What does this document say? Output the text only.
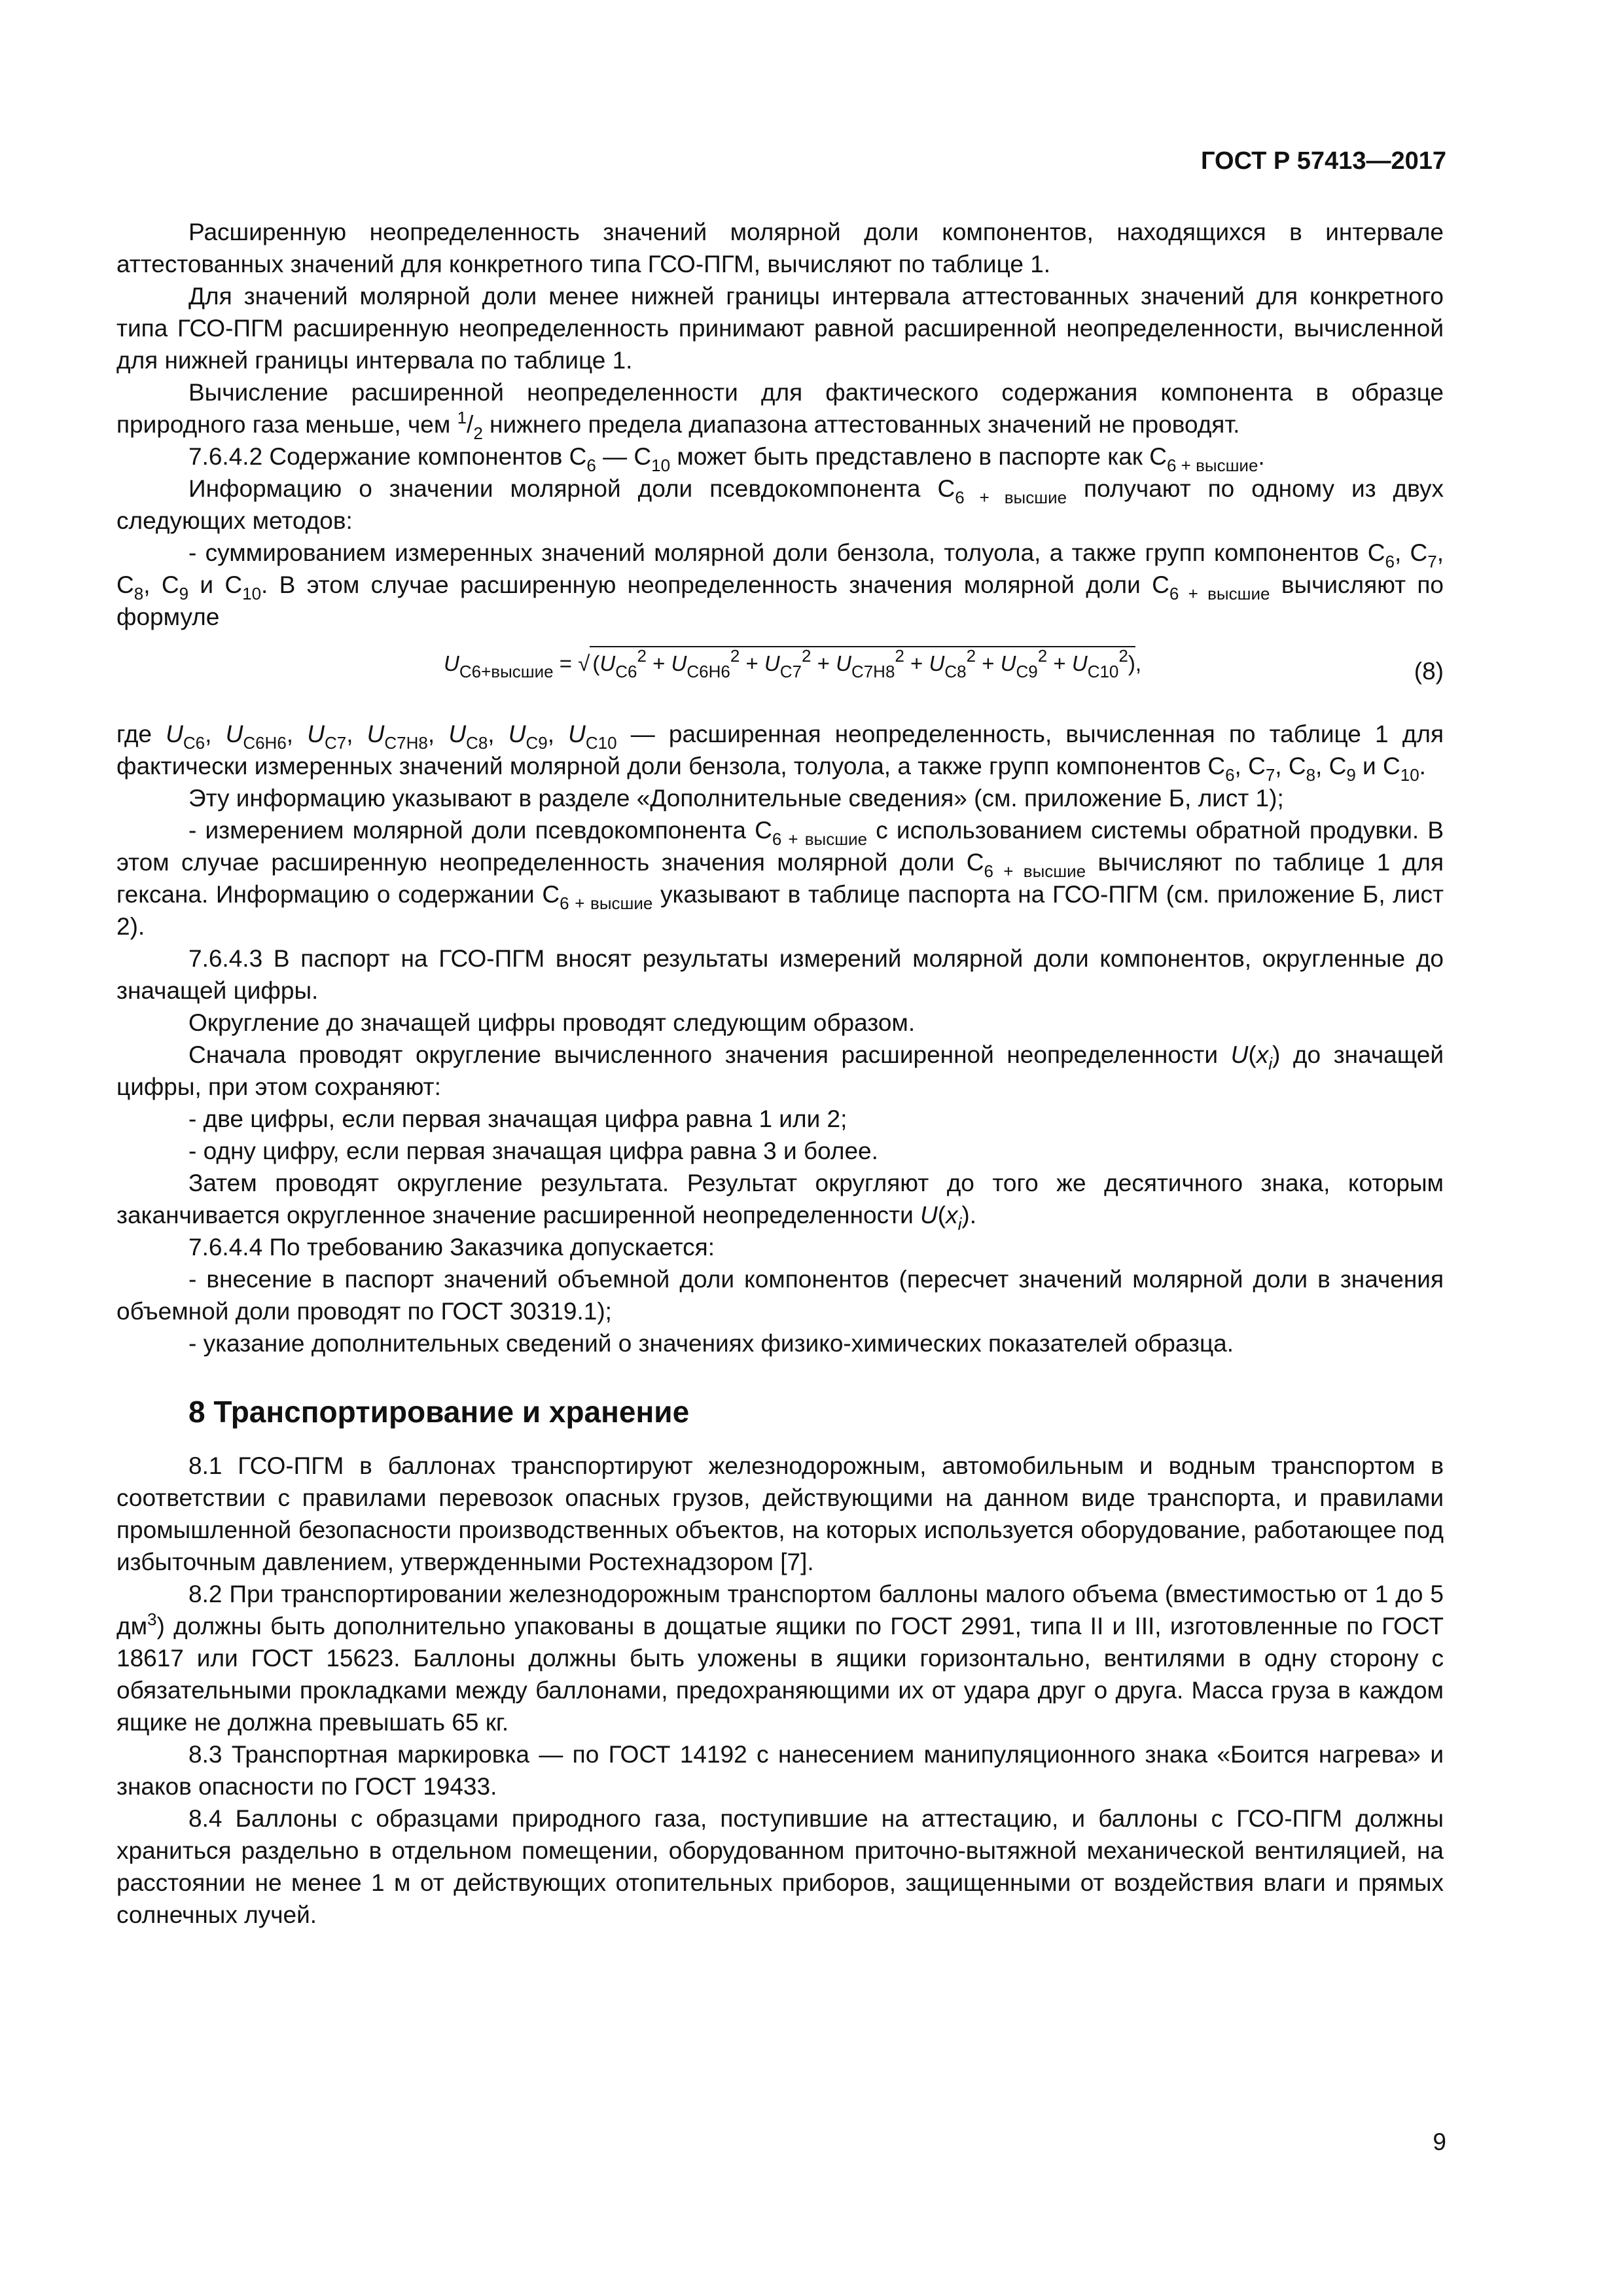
ГОСТ Р 57413—2017

Расширенную неопределенность значений молярной доли компонентов, находящихся в интервале аттестованных значений для конкретного типа ГСО-ПГМ, вычисляют по таблице 1.

Для значений молярной доли менее нижней границы интервала аттестованных значений для конкретного типа ГСО-ПГМ расширенную неопределенность принимают равной расширенной неопределенности, вычисленной для нижней границы интервала по таблице 1.

Вычисление расширенной неопределенности для фактического содержания компонента в образце природного газа меньше, чем $^1/_2$ нижнего предела диапазона аттестованных значений не проводят.

7.6.4.2 Содержание компонентов $С_6$ — $С_{10}$ может быть представлено в паспорте как $С_{6 + высшие}$.

Информацию о значении молярной доли псевдокомпонента $С_{6 + высшие}$ получают по одному из двух следующих методов:

- суммированием измеренных значений молярной доли бензола, толуола, а также групп компонентов $С_6$, $С_7$, $С_8$, $С_9$ и $С_{10}$. В этом случае расширенную неопределенность значения молярной доли $С_{6 + высшие}$ вычисляют по формуле

$U_{C6+высшие}$ = √ $(U_{C6}^2 + U_{C6H6}^2 + U_{C7}^2 + U_{C7H8}^2 + U_{C8}^2 + U_{C9}^2 + U_{C10}^2)$,	(8)

где $U_{C6}$, $U_{C6H6}$, $U_{C7}$, $U_{C7H8}$, $U_{C8}$, $U_{C9}$, $U_{C10}$ — расширенная неопределенность, вычисленная по таблице 1 для фактически измеренных значений молярной доли бензола, толуола, а также групп компонентов $С_6$, $С_7$, $С_8$, $С_9$ и $С_{10}$.

Эту информацию указывают в разделе «Дополнительные сведения» (см. приложение Б, лист 1);

- измерением молярной доли псевдокомпонента $С_{6 + высшие}$ с использованием системы обратной продувки. В этом случае расширенную неопределенность значения молярной доли $С_{6 + высшие}$ вычисляют по таблице 1 для гексана. Информацию о содержании $С_{6 + высшие}$ указывают в таблице паспорта на ГСО-ПГМ (см. приложение Б, лист 2).

7.6.4.3 В паспорт на ГСО-ПГМ вносят результаты измерений молярной доли компонентов, округленные до значащей цифры.

Округление до значащей цифры проводят следующим образом.

Сначала проводят округление вычисленного значения расширенной неопределенности $U(x_i)$ до значащей цифры, при этом сохраняют:

- две цифры, если первая значащая цифра равна 1 или 2;

- одну цифру, если первая значащая цифра равна 3 и более.

Затем проводят округление результата. Результат округляют до того же десятичного знака, которым заканчивается округленное значение расширенной неопределенности $U(x_i)$.

7.6.4.4 По требованию Заказчика допускается:

- внесение в паспорт значений объемной доли компонентов (пересчет значений молярной доли в значения объемной доли проводят по ГОСТ 30319.1);

- указание дополнительных сведений о значениях физико-химических показателей образца.

8 Транспортирование и хранение

8.1 ГСО-ПГМ в баллонах транспортируют железнодорожным, автомобильным и водным транспортом в соответствии с правилами перевозок опасных грузов, действующими на данном виде транспорта, и правилами промышленной безопасности производственных объектов, на которых используется оборудование, работающее под избыточным давлением, утвержденными Ростехнадзором [7].

8.2 При транспортировании железнодорожным транспортом баллоны малого объема (вместимостью от 1 до 5 $дм^3$) должны быть дополнительно упакованы в дощатые ящики по ГОСТ 2991, типа II и III, изготовленные по ГОСТ 18617 или ГОСТ 15623. Баллоны должны быть уложены в ящики горизонтально, вентилями в одну сторону с обязательными прокладками между баллонами, предохраняющими их от удара друг о друга. Масса груза в каждом ящике не должна превышать 65 кг.

8.3 Транспортная маркировка — по ГОСТ 14192 с нанесением манипуляционного знака «Боится нагрева» и знаков опасности по ГОСТ 19433.

8.4 Баллоны с образцами природного газа, поступившие на аттестацию, и баллоны с ГСО-ПГМ должны храниться раздельно в отдельном помещении, оборудованном приточно-вытяжной механической вентиляцией, на расстоянии не менее 1 м от действующих отопительных приборов, защищенными от воздействия влаги и прямых солнечных лучей.

9
